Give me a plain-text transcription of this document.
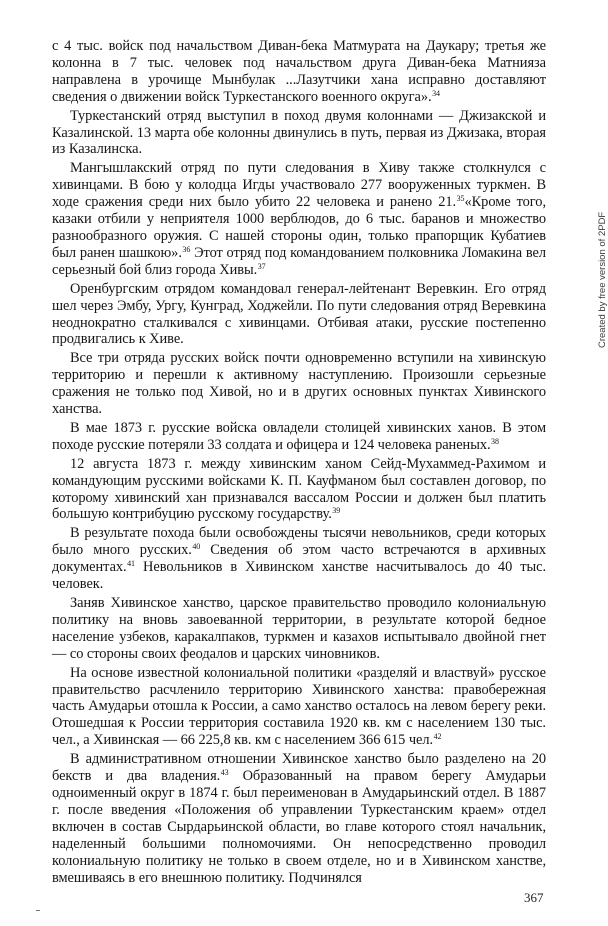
с 4 тыс. войск под начальством Диван-бека Матмурата на Даукару; третья же колонна в 7 тыс. человек под начальством друга Диван-бека Матнияза направлена в урочище Мынбулак ...Лазутчики хана исправно доставляют сведения о движении войск Туркестанского военного округа».$^{34}$

Туркестанский отряд выступил в поход двумя колоннами — Джизакской и Казалинской. 13 марта обе колонны двинулись в путь, первая из Джизака, вторая из Казалинска.

Мангышлакский отряд по пути следования в Хиву также столкнулся с хивинцами. В бою у колодца Игды участвовало 277 вооруженных туркмен. В ходе сражения среди них было убито 22 человека и ранено 21.35«Кроме того, казаки отбили у неприятеля 1000 верблюдов, до 6 тыс. баранов и множество разнообразного оружия. С нашей стороны один, только прапорщик Кубатиев был ранен шашкою».$^{36}$ Этот отряд под командованием полковника Ломакина вел серьезный бой близ города Хивы.$^{37}$

Оренбургским отрядом командовал генерал-лейтенант Веревкин. Его отряд шел через Эмбу, Ургу, Кунград, Ходжейли. По пути следования отряд Веревкина неоднократно сталкивался с хивинцами. Отбивая атаки, русские постепенно продвигались к Хиве.

Все три отряда русских войск почти одновременно вступили на хивинскую территорию и перешли к активному наступлению. Произошли серьезные сражения не только под Хивой, но и в других основных пунктах Хивинского ханства.

В мае 1873 г. русские войска овладели столицей хивинских ханов. В этом походе русские потеряли 33 солдата и офицера и 124 человека раненых.$^{38}$

12 августа 1873 г. между хивинским ханом Сейд-Мухаммед-Рахимом и командующим русскими войсками К. П. Кауфманом был составлен договор, по которому хивинский хан признавался вассалом России и должен был платить большую контрибуцию русскому государству.$^{39}$

В результате похода были освобождены тысячи невольников, среди которых было много русских.$^{40}$ Сведения об этом часто встречаются в архивных документах.$^{41}$ Невольников в Хивинском ханстве насчитывалось до 40 тыс. человек.

Заняв Хивинское ханство, царское правительство проводило колониальную политику на вновь завоеванной территории, в результате которой бедное население узбеков, каракалпаков, туркмен и казахов испытывало двойной гнет — со стороны своих феодалов и царских чиновников.

На основе известной колониальной политики «разделяй и властвуй» русское правительство расчленило территорию Хивинского ханства: правобережная часть Амударьи отошла к России, а само ханство осталось на левом берегу реки. Отошедшая к России территория составила 1920 кв. км с населением 130 тыс. чел., а Хивинская — 66 225,8 кв. км с населением 366 615 чел.$^{42}$

В административном отношении Хивинское ханство было разделено на 20 бекств и два владения.$^{43}$ Образованный на правом берегу Амударьи одноименный округ в 1874 г. был переименован в Амударьинский отдел. В 1887 г. после введения «Положения об управлении Туркестанским краем» отдел включен в состав Сырдарьинской области, во главе которого стоял начальник, наделенный большими полномочиями. Он непосредственно проводил колониальную политику не только в своем отделе, но и в Хивинском ханстве, вмешиваясь в его внешнюю политику. Подчинялся

367
Created by free version of 2PDF
